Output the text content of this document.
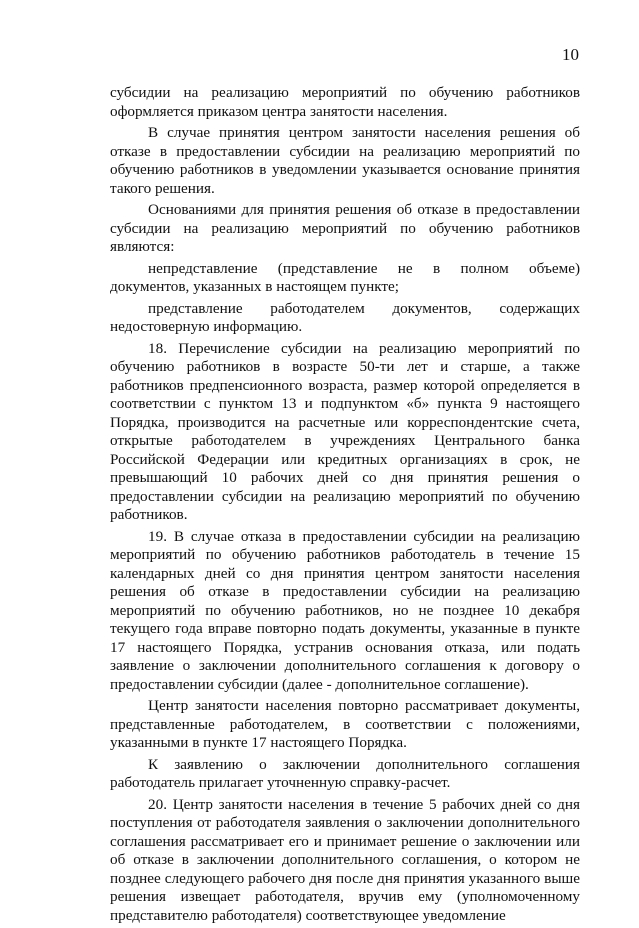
10

субсидии на реализацию мероприятий по обучению работников оформляется приказом центра занятости населения.

В случае принятия центром занятости населения решения об отказе в предоставлении субсидии на реализацию мероприятий по обучению работников в уведомлении указывается основание принятия такого решения.

Основаниями для принятия решения об отказе в предоставлении субсидии на реализацию мероприятий по обучению работников являются:

непредставление (представление не в полном объеме) документов, указанных в настоящем пункте;

представление работодателем документов, содержащих недостоверную информацию.

18. Перечисление субсидии на реализацию мероприятий по обучению работников в возрасте 50-ти лет и старше, а также работников предпенсионного возраста, размер которой определяется в соответствии с пунктом 13 и подпунктом «б» пункта 9 настоящего Порядка, производится на расчетные или корреспондентские счета, открытые работодателем в учреждениях Центрального банка Российской Федерации или кредитных организациях в срок, не превышающий 10 рабочих дней со дня принятия решения о предоставлении субсидии на реализацию мероприятий по обучению работников.

19. В случае отказа в предоставлении субсидии на реализацию мероприятий по обучению работников работодатель в течение 15 календарных дней со дня принятия центром занятости населения решения об отказе в предоставлении субсидии на реализацию мероприятий по обучению работников, но не позднее 10 декабря текущего года вправе повторно подать документы, указанные в пункте 17 настоящего Порядка, устранив основания отказа, или подать заявление о заключении дополнительного соглашения к договору о предоставлении субсидии (далее - дополнительное соглашение).

Центр занятости населения повторно рассматривает документы, представленные работодателем, в соответствии с положениями, указанными в пункте 17 настоящего Порядка.

К заявлению о заключении дополнительного соглашения работодатель прилагает уточненную справку-расчет.

20. Центр занятости населения в течение 5 рабочих дней со дня поступления от работодателя заявления о заключении дополнительного соглашения рассматривает его и принимает решение о заключении или об отказе в заключении дополнительного соглашения, о котором не позднее следующего рабочего дня после дня принятия указанного выше решения извещает работодателя, вручив ему (уполномоченному представителю работодателя) соответствующее уведомление
